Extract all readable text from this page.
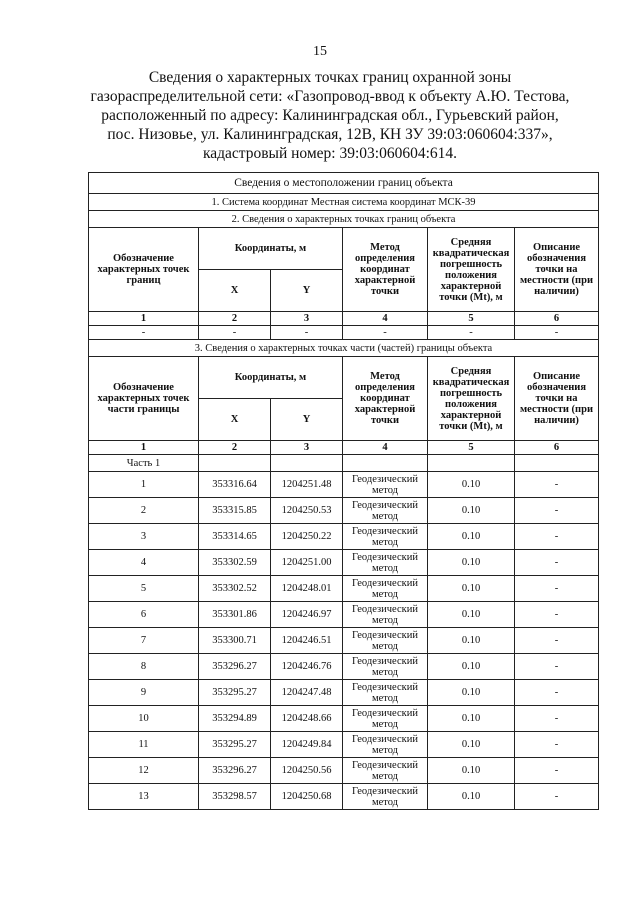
15
Сведения о характерных точках границ охранной зоны
газораспределительной сети: «Газопровод-ввод к объекту А.Ю. Тестова,
расположенный по адресу: Калининградская обл., Гурьевский район,
пос. Низовье, ул. Калининградская, 12В, КН ЗУ 39:03:060604:337»,
кадастровый номер: 39:03:060604:614.
Сведения о местоположении границ объекта					
1. Система координат Местная система координат МСК-39					
2. Сведения о характерных точках границ объекта					
Обозначение характерных точек границ	Координаты, м		Метод определения координат характерной точки	Средняя квадратическая погрешность положения характерной точки (Mt), м	Описание обозначения точки на местности (при наличии)
	X	Y			
1	2	3	4	5	6
-	-	-	-	-	-
3. Сведения о характерных точках части (частей) границы объекта					
Обозначение характерных точек части границы	Координаты, м		Метод определения координат характерной точки	Средняя квадратическая погрешность положения характерной точки (Mt), м	Описание обозначения точки на местности (при наличии)
	X	Y			
1	2	3	4	5	6
Часть 1					
1	353316.64	1204251.48	Геодезический метод	0.10	-
2	353315.85	1204250.53	Геодезический метод	0.10	-
3	353314.65	1204250.22	Геодезический метод	0.10	-
4	353302.59	1204251.00	Геодезический метод	0.10	-
5	353302.52	1204248.01	Геодезический метод	0.10	-
6	353301.86	1204246.97	Геодезический метод	0.10	-
7	353300.71	1204246.51	Геодезический метод	0.10	-
8	353296.27	1204246.76	Геодезический метод	0.10	-
9	353295.27	1204247.48	Геодезический метод	0.10	-
10	353294.89	1204248.66	Геодезический метод	0.10	-
11	353295.27	1204249.84	Геодезический метод	0.10	-
12	353296.27	1204250.56	Геодезический метод	0.10	-
13	353298.57	1204250.68	Геодезический метод	0.10	-
